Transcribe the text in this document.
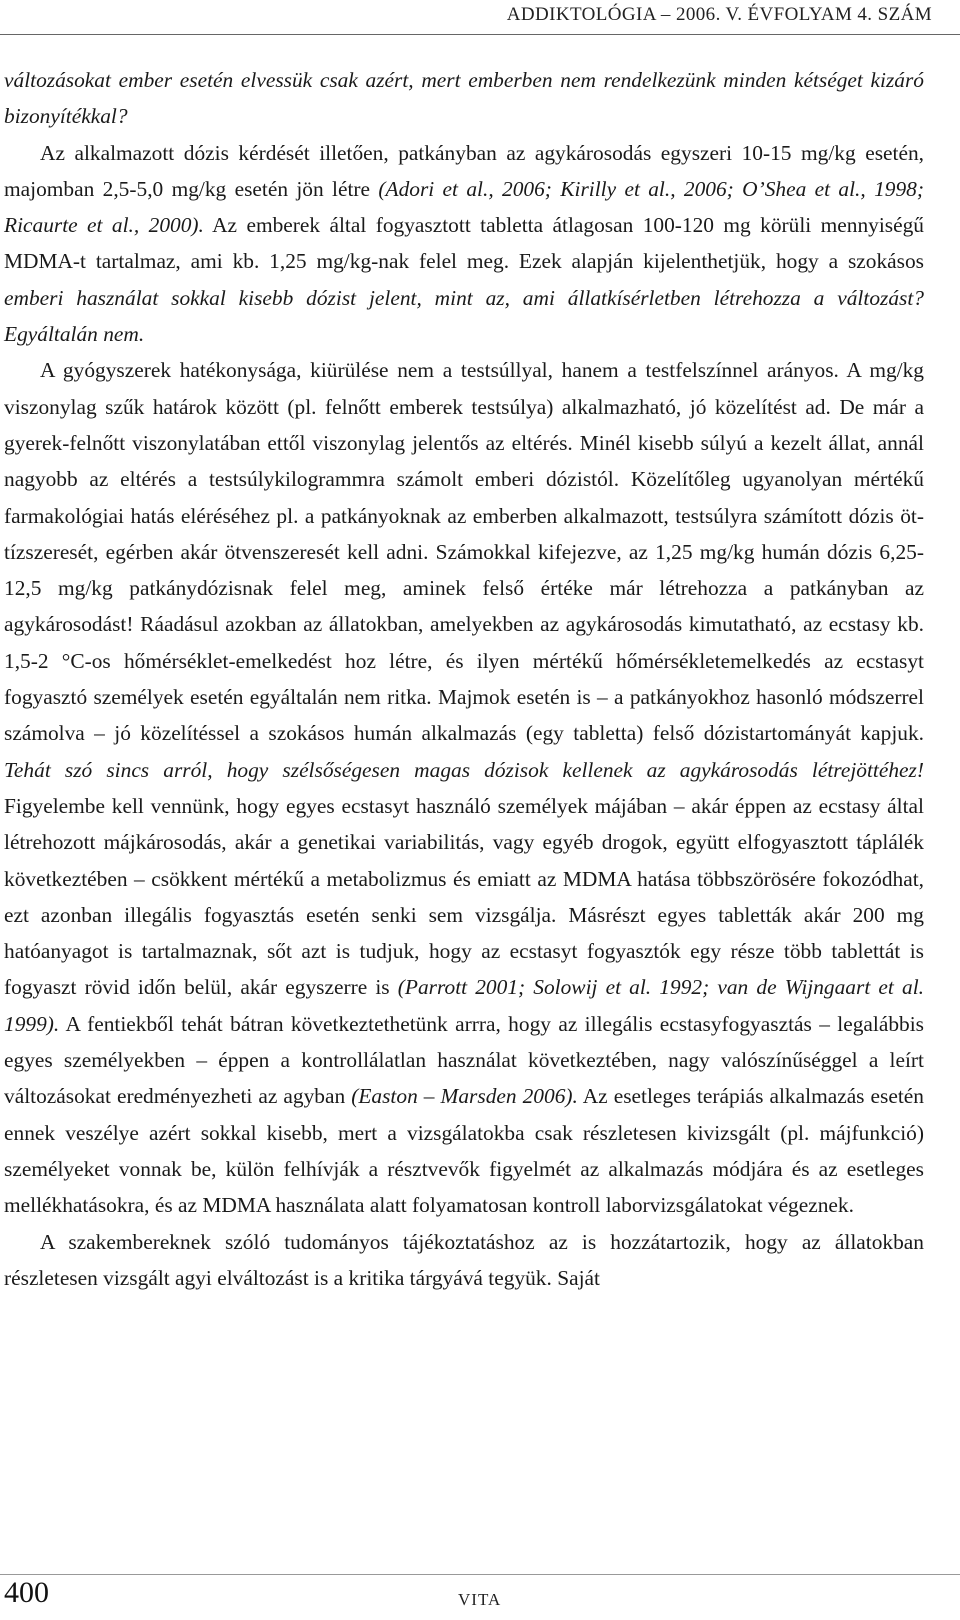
ADDIKTOLÓGIA – 2006. V. ÉVFOLYAM 4. SZÁM

változásokat ember esetén elvessük csak azért, mert emberben nem rendelkezünk minden kétséget kizáró bizonyítékkal?

Az alkalmazott dózis kérdését illetően, patkányban az agykárosodás egyszeri 10-15 mg/kg esetén, majomban 2,5-5,0 mg/kg esetén jön létre (Adori et al., 2006; Kirilly et al., 2006; O’Shea et al., 1998; Ricaurte et al., 2000). Az emberek által fogyasztott tabletta átlagosan 100-120 mg körüli mennyiségű MDMA-t tartalmaz, ami kb. 1,25 mg/kg-nak felel meg. Ezek alapján kijelenthetjük, hogy a szokásos emberi használat sokkal kisebb dózist jelent, mint az, ami állatkísérletben létrehozza a változást? Egyáltalán nem.

A gyógyszerek hatékonysága, kiürülése nem a testsúllyal, hanem a testfelszínnel arányos. A mg/kg viszonylag szűk határok között (pl. felnőtt emberek testsúlya) alkalmazható, jó közelítést ad. De már a gyerek-felnőtt viszonylatában ettől viszonylag jelentős az eltérés. Minél kisebb súlyú a kezelt állat, annál nagyobb az eltérés a testsúlykilogrammra számolt emberi dózistól. Közelítőleg ugyanolyan mértékű farmakológiai hatás eléréséhez pl. a patkányoknak az emberben alkalmazott, testsúlyra számított dózis öt-tízszeresét, egérben akár ötvenszeresét kell adni. Számokkal kifejezve, az 1,25 mg/kg humán dózis 6,25-12,5 mg/kg patkánydózisnak felel meg, aminek felső értéke már létrehozza a patkányban az agykárosodást! Ráadásul azokban az állatokban, amelyekben az agykárosodás kimutatható, az ecstasy kb. 1,5-2 °C-os hőmérséklet-emelkedést hoz létre, és ilyen mértékű hőmérsékletemelkedés az ecstasyt fogyasztó személyek esetén egyáltalán nem ritka. Majmok esetén is – a patkányokhoz hasonló módszerrel számolva – jó közelítéssel a szokásos humán alkalmazás (egy tabletta) felső dózistartományát kapjuk. Tehát szó sincs arról, hogy szélsőségesen magas dózisok kellenek az agykárosodás létrejöttéhez! Figyelembe kell vennünk, hogy egyes ecstasyt használó személyek májában – akár éppen az ecstasy által létrehozott májkárosodás, akár a genetikai variabilitás, vagy egyéb drogok, együtt elfogyasztott táplálék következtében – csökkent mértékű a metabolizmus és emiatt az MDMA hatása többszörösére fokozódhat, ezt azonban illegális fogyasztás esetén senki sem vizsgálja. Másrészt egyes tabletták akár 200 mg hatóanyagot is tartalmaznak, sőt azt is tudjuk, hogy az ecstasyt fogyasztók egy része több tablettát is fogyaszt rövid időn belül, akár egyszerre is (Parrott 2001; Solowij et al. 1992; van de Wijngaart et al. 1999). A fentiekből tehát bátran következtethetünk arrra, hogy az illegális ecstasyfogyasztás – legalábbis egyes személyekben – éppen a kontrollálatlan használat következtében, nagy valószínűséggel a leírt változásokat eredményezheti az agyban (Easton – Marsden 2006). Az esetleges terápiás alkalmazás esetén ennek veszélye azért sokkal kisebb, mert a vizsgálatokba csak részletesen kivizsgált (pl. májfunkció) személyeket vonnak be, külön felhívják a résztvevők figyelmét az alkalmazás módjára és az esetleges mellékhatásokra, és az MDMA használata alatt folyamatosan kontroll laborvizsgálatokat végeznek.

A szakembereknek szóló tudományos tájékoztatáshoz az is hozzátartozik, hogy az állatokban részletesen vizsgált agyi elváltozást is a kritika tárgyává tegyük. Saját

400	VITA
